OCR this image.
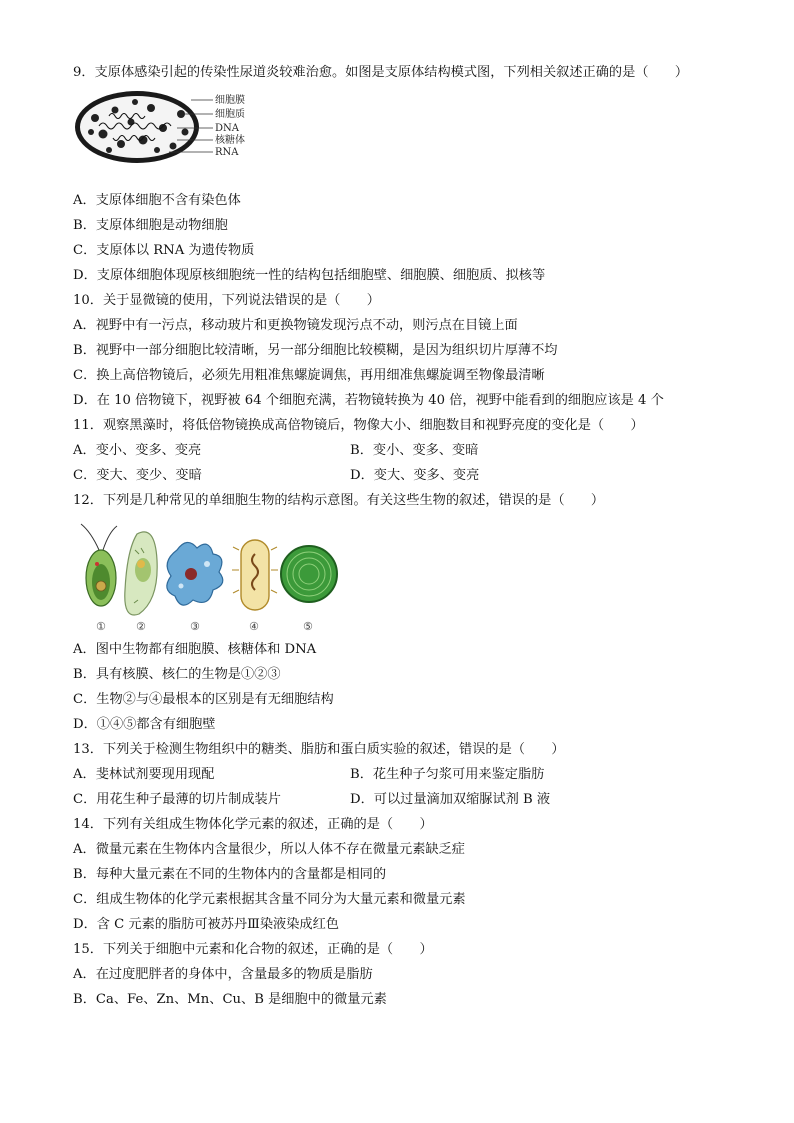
9．支原体感染引起的传染性尿道炎较难治愈。如图是支原体结构模式图，下列相关叙述正确的是（　　）
细胞膜
细胞质
DNA
核糖体
RNA
A．支原体细胞不含有染色体
B．支原体细胞是动物细胞
C．支原体以 RNA 为遗传物质
D．支原体细胞体现原核细胞统一性的结构包括细胞壁、细胞膜、细胞质、拟核等
10．关于显微镜的使用，下列说法错误的是（　　）
A．视野中有一污点，移动玻片和更换物镜发现污点不动，则污点在目镜上面
B．视野中一部分细胞比较清晰，另一部分细胞比较模糊，是因为组织切片厚薄不均
C．换上高倍物镜后，必须先用粗准焦螺旋调焦，再用细准焦螺旋调至物像最清晰
D．在 10 倍物镜下，视野被 64 个细胞充满，若物镜转换为 40 倍，视野中能看到的细胞应该是 4 个
11．观察黑藻时，将低倍物镜换成高倍物镜后，物像大小、细胞数目和视野亮度的变化是（　　）
A．变小、变多、变亮	B．变小、变多、变暗
C．变大、变少、变暗	D．变大、变多、变亮
12．下列是几种常见的单细胞生物的结构示意图。有关这些生物的叙述，错误的是（　　）
①	②	③	④	⑤
A．图中生物都有细胞膜、核糖体和 DNA
B．具有核膜、核仁的生物是①②③
C．生物②与④最根本的区别是有无细胞结构
D．①④⑤都含有细胞壁
13．下列关于检测生物组织中的糖类、脂肪和蛋白质实验的叙述，错误的是（　　）
A．斐林试剂要现用现配	B．花生种子匀浆可用来鉴定脂肪
C．用花生种子最薄的切片制成装片	D．可以过量滴加双缩脲试剂 B 液
14．下列有关组成生物体化学元素的叙述，正确的是（　　）
A．微量元素在生物体内含量很少，所以人体不存在微量元素缺乏症
B．每种大量元素在不同的生物体内的含量都是相同的
C．组成生物体的化学元素根据其含量不同分为大量元素和微量元素
D．含 C 元素的脂肪可被苏丹Ⅲ染液染成红色
15．下列关于细胞中元素和化合物的叙述，正确的是（　　）
A．在过度肥胖者的身体中，含量最多的物质是脂肪
B．Ca、Fe、Zn、Mn、Cu、B 是细胞中的微量元素
